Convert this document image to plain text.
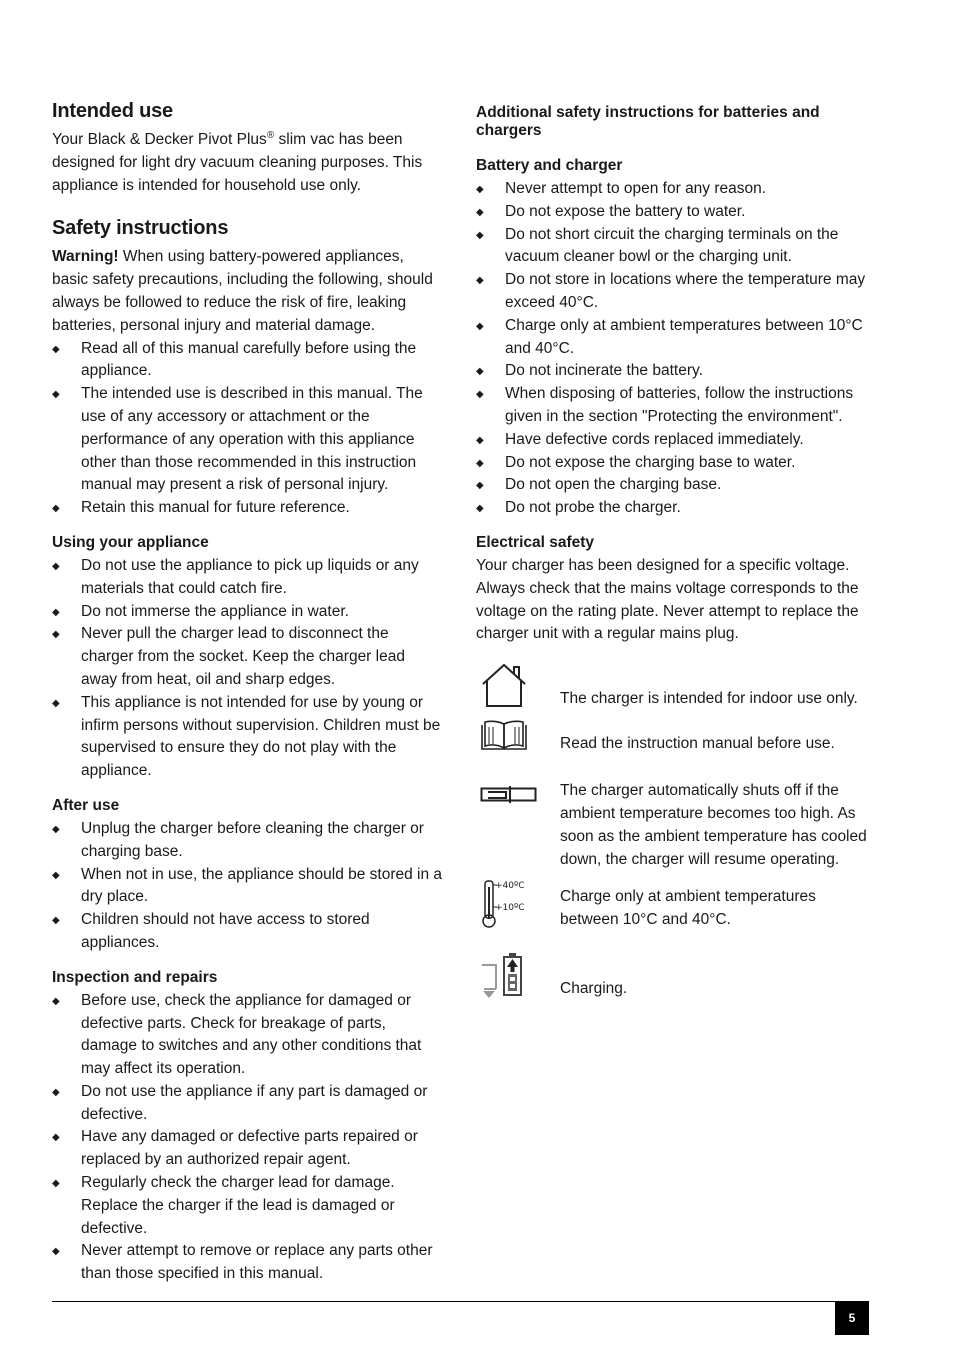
Intended use

Your Black & Decker Pivot Plus® slim vac has been designed for light dry vacuum cleaning purposes. This appliance is intended for household use only.

Safety instructions

Warning! When using battery-powered appliances, basic safety precautions, including the following, should always be followed to reduce the risk of fire, leaking batteries, personal injury and material damage.

◆ Read all of this manual carefully before using the appliance.
◆ The intended use is described in this manual. The use of any accessory or attachment or the performance of any operation with this appliance other than those recommended in this instruction manual may present a risk of personal injury.
◆ Retain this manual for future reference.
Using your appliance
◆ Do not use the appliance to pick up liquids or any materials that could catch fire.
◆ Do not immerse the appliance in water.
◆ Never pull the charger lead to disconnect the charger from the socket. Keep the charger lead away from heat, oil and sharp edges.
◆ This appliance is not intended for use by young or infirm persons without supervision. Children must be supervised to ensure they do not play with the appliance.
After use
◆ Unplug the charger before cleaning the charger or charging base.
◆ When not in use, the appliance should be stored in a dry place.
◆ Children should not have access to stored appliances.
Inspection and repairs
◆ Before use, check the appliance for damaged or defective parts. Check for breakage of parts, damage to switches and any other conditions that may affect its operation.
◆ Do not use the appliance if any part is damaged or defective.
◆ Have any damaged or defective parts repaired or replaced by an authorized repair agent.
◆ Regularly check the charger lead for damage. Replace the charger if the lead is damaged or defective.
◆ Never attempt to remove or replace any parts other than those specified in this manual.
Additional safety instructions for batteries and chargers
Battery and charger
◆ Never attempt to open for any reason.
◆ Do not expose the battery to water.
◆ Do not short circuit the charging terminals on the vacuum cleaner bowl or the charging unit.
◆ Do not store in locations where the temperature may exceed 40°C.
◆ Charge only at ambient temperatures between 10°C and 40°C.
◆ Do not incinerate the battery.
◆ When disposing of batteries, follow the instructions given in the section "Protecting the environment".
◆ Have defective cords replaced immediately.
◆ Do not expose the charging base to water.
◆ Do not open the charging base.
◆ Do not probe the charger.
Electrical safety

Your charger has been designed for a specific voltage. Always check that the mains voltage corresponds to the voltage on the rating plate. Never attempt to replace the charger unit with a regular mains plug.

The charger is intended for indoor use only.
Read the instruction manual before use.
The charger automatically shuts off if the ambient temperature becomes too high. As soon as the ambient temperature has cooled down, the charger will resume operating.
+40ºC
+10ºC
Charge only at ambient temperatures between 10°C and 40°C.
Charging.
5
